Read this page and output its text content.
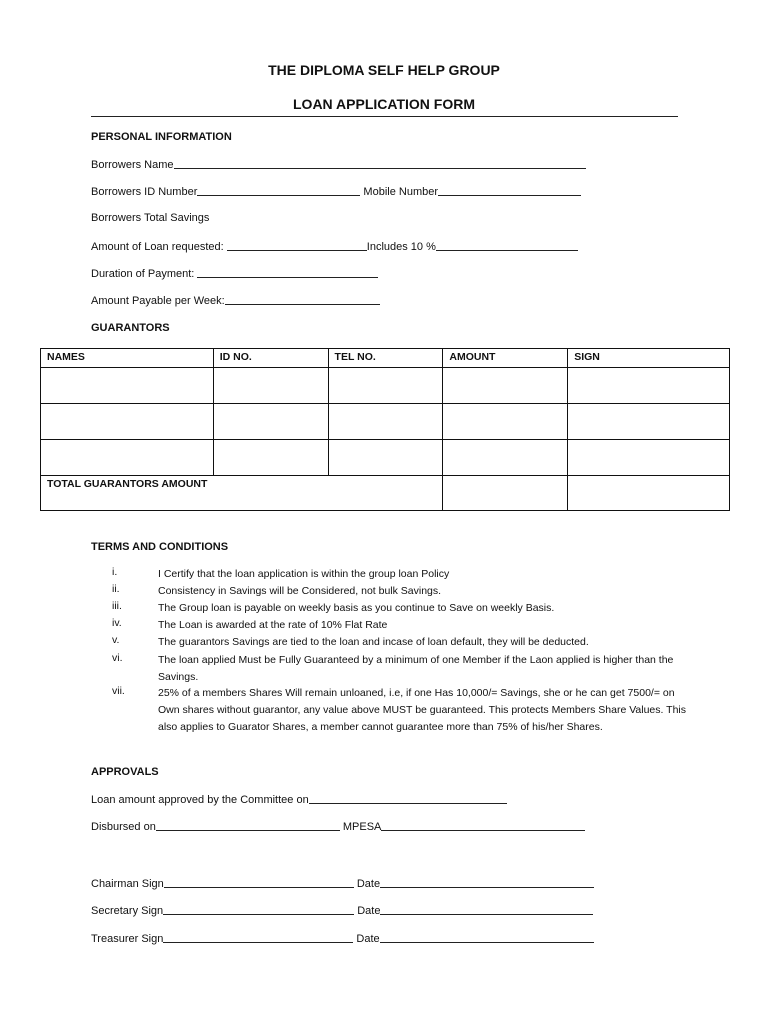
THE DIPLOMA SELF HELP GROUP
LOAN APPLICATION FORM
PERSONAL INFORMATION
Borrowers Name
Borrowers ID Number	Mobile Number
Borrowers Total Savings
Amount of Loan requested:	Includes 10 %
Duration of Payment:
Amount Payable per Week:
GUARANTORS
NAMES	ID NO.	TEL NO.	AMOUNT	SIGN

TOTAL GUARANTORS AMOUNT				
TERMS AND CONDITIONS
i.	I Certify that the loan application is within the group loan Policy
ii.	Consistency in Savings will be Considered, not bulk Savings.
iii.	The Group loan is payable on weekly basis as you continue to Save on weekly Basis.
iv.	The Loan is awarded at the rate of 10% Flat Rate
v.	The guarantors Savings are tied to the loan and incase of loan default, they will be deducted.
vi.	The loan applied Must be Fully Guaranteed by a minimum of one Member if the Laon applied is higher than the Savings.
vii.	25% of a members Shares Will remain unloaned, i.e, if one Has 10,000/= Savings, she or he can get 7500/= on Own shares without guarantor, any value above MUST be guaranteed. This protects Members Share Values. This also applies to Guarator Shares, a member cannot guarantee more than 75% of his/her Shares.
APPROVALS
Loan amount approved by the Committee on
Disbursed on	MPESA
Chairman Sign	Date
Secretary Sign	Date
Treasurer Sign	Date
